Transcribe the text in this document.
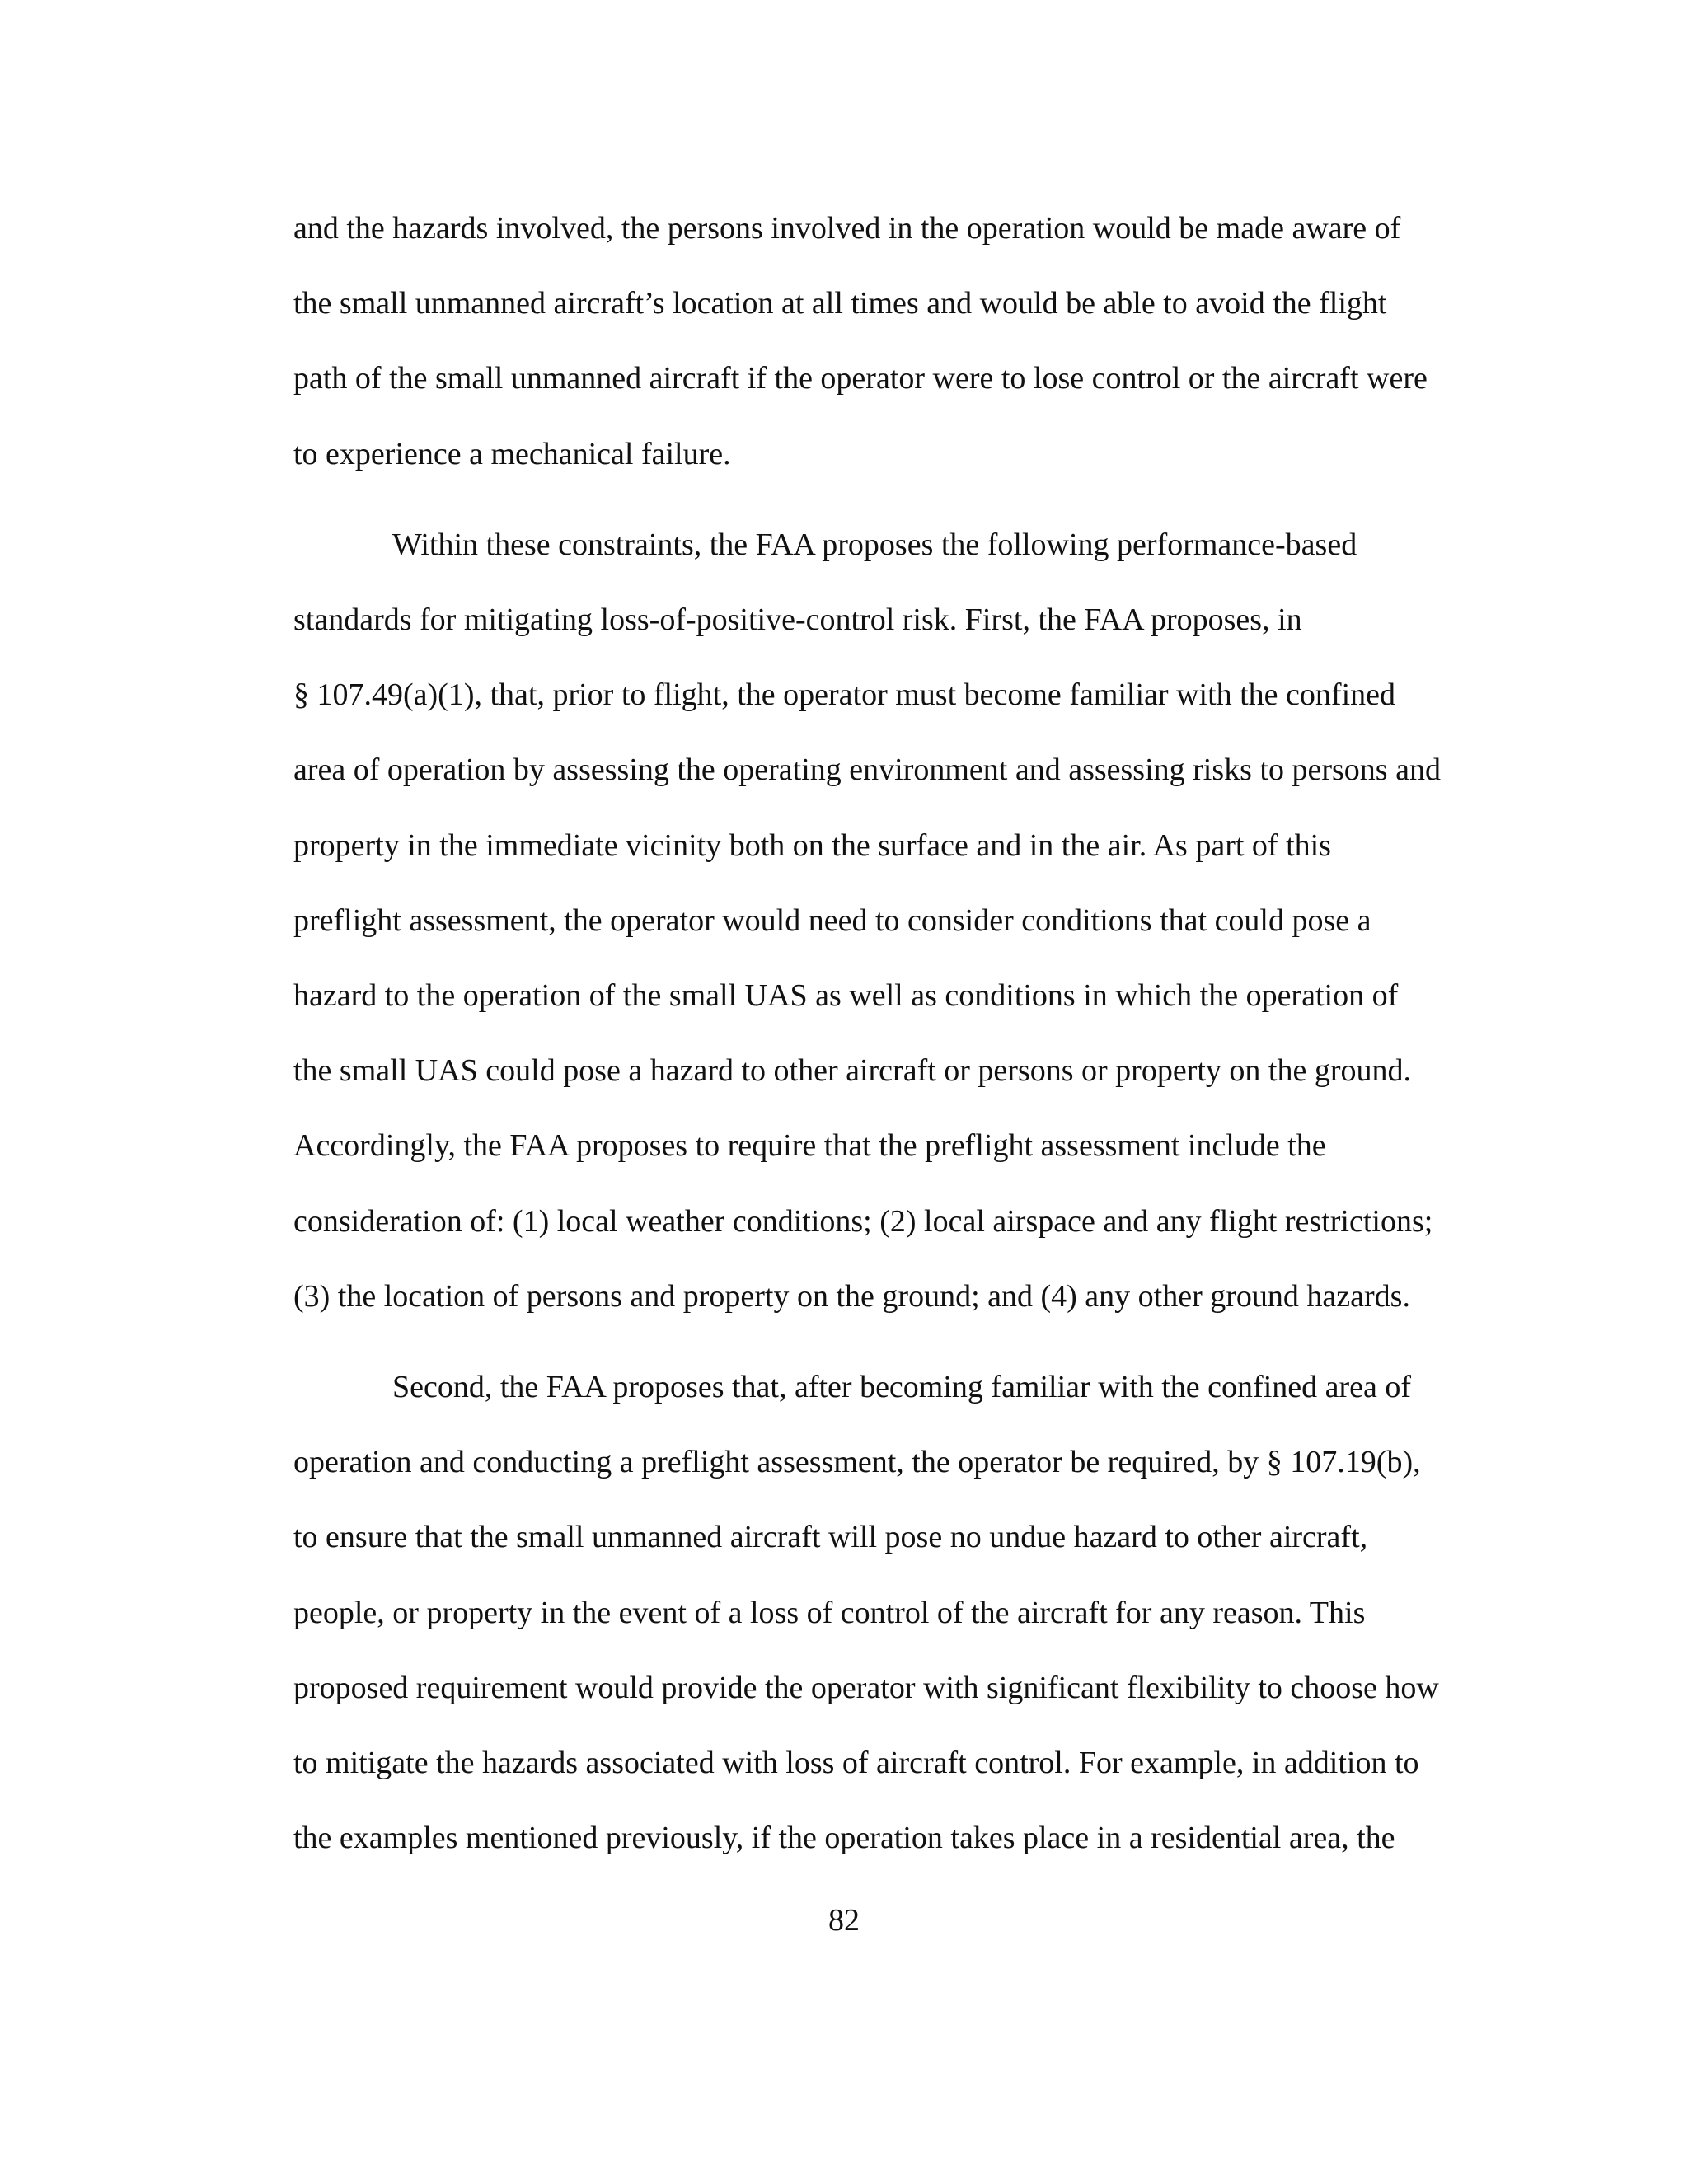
and the hazards involved, the persons involved in the operation would be made aware of
the small unmanned aircraft’s location at all times and would be able to avoid the flight
path of the small unmanned aircraft if the operator were to lose control or the aircraft were
to experience a mechanical failure.

Within these constraints, the FAA proposes the following performance-based
standards for mitigating loss-of-positive-control risk. First, the FAA proposes, in
§ 107.49(a)(1), that, prior to flight, the operator must become familiar with the confined
area of operation by assessing the operating environment and assessing risks to persons and
property in the immediate vicinity both on the surface and in the air. As part of this
preflight assessment, the operator would need to consider conditions that could pose a
hazard to the operation of the small UAS as well as conditions in which the operation of
the small UAS could pose a hazard to other aircraft or persons or property on the ground.
Accordingly, the FAA proposes to require that the preflight assessment include the
consideration of: (1) local weather conditions; (2) local airspace and any flight restrictions;
(3) the location of persons and property on the ground; and (4) any other ground hazards.

Second, the FAA proposes that, after becoming familiar with the confined area of
operation and conducting a preflight assessment, the operator be required, by § 107.19(b),
to ensure that the small unmanned aircraft will pose no undue hazard to other aircraft,
people, or property in the event of a loss of control of the aircraft for any reason. This
proposed requirement would provide the operator with significant flexibility to choose how
to mitigate the hazards associated with loss of aircraft control. For example, in addition to
the examples mentioned previously, if the operation takes place in a residential area, the

82
